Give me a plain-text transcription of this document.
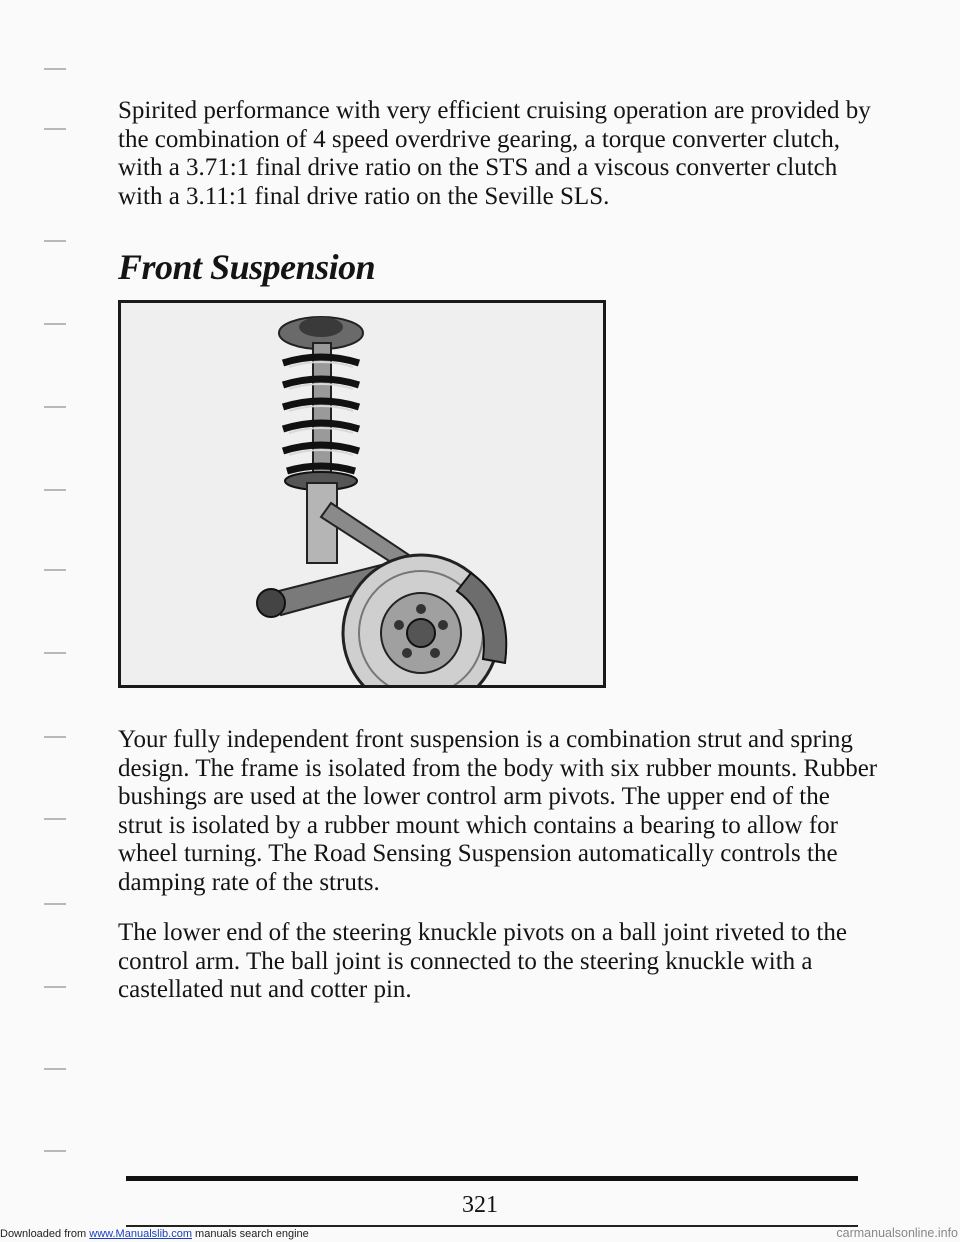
Spirited performance with very efficient cruising operation are provided by the combination of 4 speed overdrive gearing, a torque converter clutch, with a 3.71:1 final drive ratio on the STS and a viscous converter clutch with a 3.11:1 final drive ratio on the Seville SLS.

Front Suspension

Your fully independent front suspension is a combination strut and spring design. The frame is isolated from the body with six rubber mounts. Rubber bushings are used at the lower control arm pivots. The upper end of the strut is isolated by a rubber mount which contains a bearing to allow for wheel turning. The Road Sensing Suspension automatically controls the damping rate of the struts.

The lower end of the steering knuckle pivots on a ball joint riveted to the control arm. The ball joint is connected to the steering knuckle with a castellated nut and cotter pin.

321

Downloaded from www.Manualslib.com manuals search engine	carmanualsonline.info
